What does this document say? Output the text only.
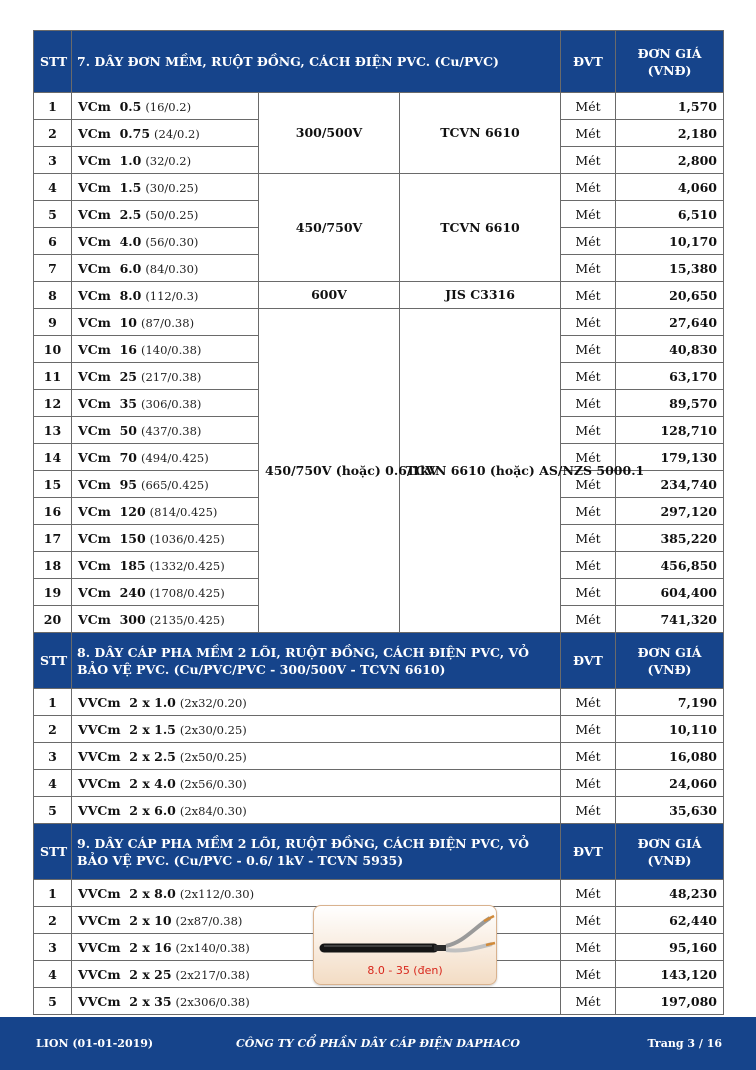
STT	7. DÂY ĐƠN MỀM, RUỘT ĐỒNG, CÁCH ĐIỆN PVC. (Cu/PVC)			ĐVT	ĐƠN GIÁ (VNĐ)
1	VCm  0.5 (16/0.2)	300/500V	TCVN 6610	Mét	1,570
2	VCm  0.75 (24/0.2)			Mét	2,180
3	VCm  1.0 (32/0.2)			Mét	2,800
4	VCm  1.5 (30/0.25)	450/750V	TCVN 6610	Mét	4,060
5	VCm  2.5 (50/0.25)			Mét	6,510
6	VCm  4.0 (56/0.30)			Mét	10,170
7	VCm  6.0 (84/0.30)			Mét	15,380
8	VCm  8.0 (112/0.3)	600V	JIS C3316	Mét	20,650
9	VCm  10 (87/0.38)	450/750V (hoặc) 0.6/1kV	TCVN 6610 (hoặc) AS/NZS 5000.1	Mét	27,640
10	VCm  16 (140/0.38)			Mét	40,830
11	VCm  25 (217/0.38)			Mét	63,170
12	VCm  35 (306/0.38)			Mét	89,570
13	VCm  50 (437/0.38)			Mét	128,710
14	VCm  70 (494/0.425)			Mét	179,130
15	VCm  95 (665/0.425)			Mét	234,740
16	VCm  120 (814/0.425)			Mét	297,120
17	VCm  150 (1036/0.425)			Mét	385,220
18	VCm  185 (1332/0.425)			Mét	456,850
19	VCm  240 (1708/0.425)			Mét	604,400
20	VCm  300 (2135/0.425)			Mét	741,320
STT	8. DÂY CÁP PHA MỀM 2 LÕI, RUỘT ĐỒNG, CÁCH ĐIỆN PVC, VỎ BẢO VỆ PVC. (Cu/PVC/PVC - 300/500V - TCVN 6610)	ĐVT	ĐƠN GIÁ (VNĐ)
1	VVCm  2 x 1.0 (2x32/0.20)	Mét	7,190
2	VVCm  2 x 1.5 (2x30/0.25)	Mét	10,110
3	VVCm  2 x 2.5 (2x50/0.25)	Mét	16,080
4	VVCm  2 x 4.0 (2x56/0.30)	Mét	24,060
5	VVCm  2 x 6.0 (2x84/0.30)	Mét	35,630
STT	9. DÂY CÁP PHA MỀM 2 LÕI, RUỘT ĐỒNG, CÁCH ĐIỆN PVC, VỎ BẢO VỆ PVC. (Cu/PVC - 0.6/ 1kV - TCVN 5935)	ĐVT	ĐƠN GIÁ (VNĐ)
1	VVCm  2 x 8.0 (2x112/0.30)	Mét	48,230
2	VVCm  2 x 10 (2x87/0.38)	Mét	62,440
3	VVCm  2 x 16 (2x140/0.38)	Mét	95,160
4	VVCm  2 x 25 (2x217/0.38)	Mét	143,120
5	VVCm  2 x 35 (2x306/0.38)	Mét	197,080
8.0 - 35 (đen)
LION (01-01-2019)	CÔNG TY CỔ PHẦN DÂY CÁP ĐIỆN DAPHACO	Trang 3 / 16
